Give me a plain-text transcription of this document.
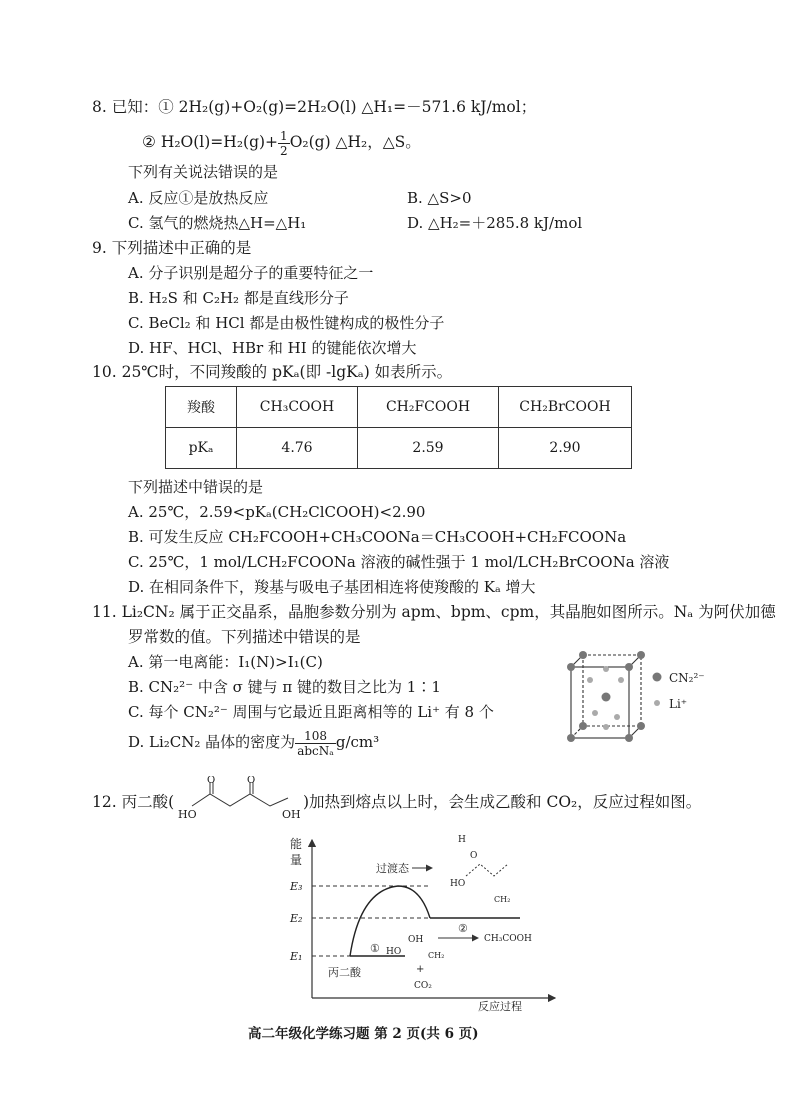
8. 已知：① 2H₂(g)+O₂(g)=2H₂O(l) △H₁=－571.6 kJ/mol；
② $H_2O(l)=H_2(g)+ \frac{1}{2} O_2(g)$ △H₂，△S。
下列有关说法错误的是
A. 反应①是放热反应	B. △S>0
C. 氢气的燃烧热△H=△H₁	D. △H₂=＋285.8 kJ/mol
9. 下列描述中正确的是
A. 分子识别是超分子的重要特征之一
B. H₂S 和 C₂H₂ 都是直线形分子
C. BeCl₂ 和 HCl 都是由极性键构成的极性分子
D. HF、HCl、HBr 和 HI 的键能依次增大
10. 25℃时，不同羧酸的 pKₐ(即 -lgKₐ) 如表所示。
羧酸	CH₃COOH	CH₂FCOOH	CH₂BrCOOH
pKₐ	4.76	2.59	2.90
下列描述中错误的是
A. 25℃，2.59<pKₐ(CH₂ClCOOH)<2.90
B. 可发生反应 CH₂FCOOH+CH₃COONa＝CH₃COOH+CH₂FCOONa
C. 25℃，1 mol/LCH₂FCOONa 溶液的碱性强于 1 mol/LCH₂BrCOONa 溶液
D. 在相同条件下，羧基与吸电子基团相连将使羧酸的 Kₐ 增大
11. Li₂CN₂ 属于正交晶系，晶胞参数分别为 apm、bpm、cpm，其晶胞如图所示。Nₐ 为阿伏加德
罗常数的值。下列描述中错误的是
A. 第一电离能：I₁(N)>I₁(C)
B. CN₂²⁻ 中含 σ 键与 π 键的数目之比为 1∶1
C. 每个 CN₂²⁻ 周围与它最近且距离相等的 Li⁺ 有 8 个
D. Li₂CN₂ 晶体的密度为 $\frac{108}{\text{abcNₐ}} g/cm^3$
CN₂²⁻
Li⁺
12. 丙二酸(
HO	OH
O	O
)加热到熔点以上时，会生成乙酸和 CO₂，反应过程如图。
能
量
E₃
E₂
E₁
过渡态
丙二酸
①
②
CH₃COOH
HO
H
O
CH₂
HO
OH
CH₂
+
CO₂
反应过程
高二年级化学练习题 第 2 页(共 6 页)
